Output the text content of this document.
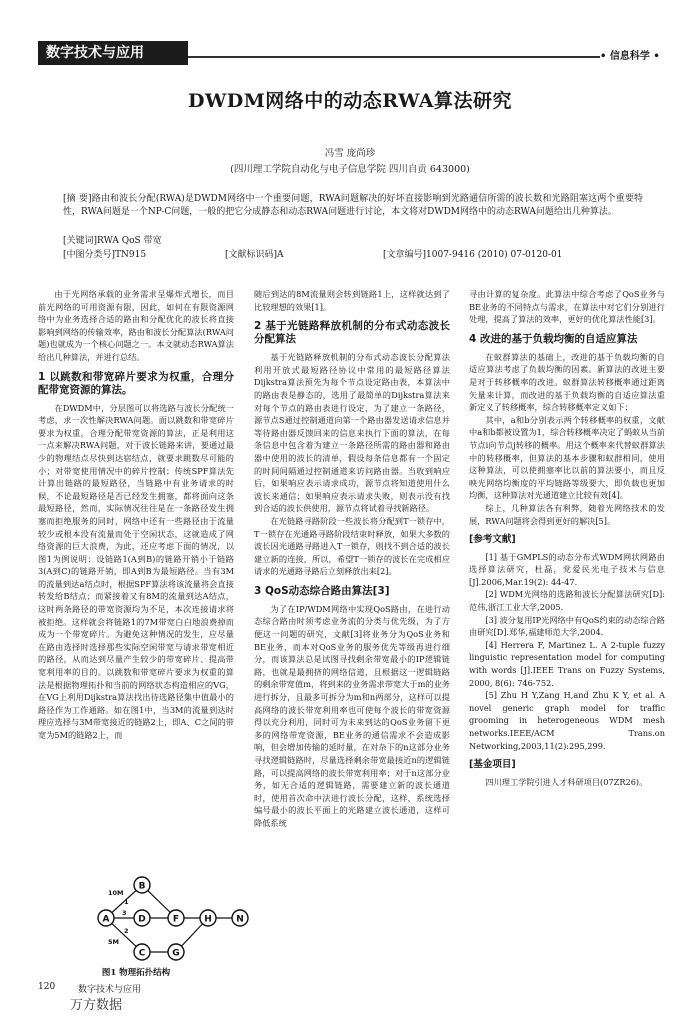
数字技术与应用	• 信息科学 •
DWDM网络中的动态RWA算法研究
冯雪 庞尚珍
(四川理工学院自动化与电子信息学院 四川自贡 643000)
[摘 要]路由和波长分配(RWA)是DWDM网络中一个重要问题，RWA问题解决的好坏直接影响到光路通信所需的波长数和光路阻塞这两个重要特性，RWA问题是一个NP-C问题，一般的把它分成静态和动态RWA问题进行讨论，本文将对DWDM网络中的动态RWA问题给出几种算法。
[关键词]RWA QoS 带宽
[中图分类号]TN915	[文献标识码]A	[文章编号]1007-9416 (2010) 07-0120-01

由于光网络承载的业务需求呈爆炸式增长，而目前光网络的可用资源有限，因此，如何在有限资源网络中为业务选择合适的路由和分配优化的波长将直接影响到网络的传输效率，路由和波长分配算法(RWA问题)也就成为一个核心问题之一。本文就动态RWA算法给出几种算法，并进行总结。

1 以跳数和带宽碎片要求为权重，合理分配带宽资源的算法。

在DWDM中，分层图可以将选路与波长分配统一考虑，求一次性解决RWA问题。面以跳数和带宽碎片要求为权重，合理分配带宽资源的算法，正是利用这一点来解决RWA问题，对于波长链路来讲，要通过最少的物理结点尽快到达宿结点，就要求跳数尽可能的小；对带宽使用情况中的碎片控制；传统SPF算法先计算出链路的最短路径，当链路中有业务请求的时候，不论最短路径是否已经发生拥塞，都将面向这条最短路径，然而，实际情况往往是在一条路径发生拥塞而拒绝服务的同时，网络中还有一些路径由于流量较少或根本没有流量而处于空闲状态，这就造成了网络资源的巨大浪费，为此，还应考虑下面的情况，以图1为例说明：设链路1(A到B)的链路开销小于链路3(A到C)的链路开销，即A到B为最短路径。当有3M的流量到达a结点时，根据SPF算法将该流量将会直接转发给B结点；而紧接着又有8M的流量到达A结点，这时两条路径的带宽资源均为不足，本次连接请求将被拒绝。这样就会将链路1的7M带宽白白地浪费掉而成为一个带宽碎片。为避免这种情况的发生，应尽量在路由选择时选择那些实际空闲带宽与请求带宽相近的路径，从而达到尽量产生较少的带宽碎片、提高带宽利用率的目的。以跳数和带宽碎片要求为权重的算法是根据物理拓扑和当前的网络状态构造相应的VG，在VG上利用Dijkstra算法找出待选路径集中值最小的路径作为工作通路。如在图1中，当3M的流量到达时理应选择与3M带宽接近的链路2上，即A、C之间的带宽为5M的链路2上，而

随后到达的8M流量则会转到链路1上，这样就达到了比较理想的效果[1]。

2 基于光链路释放机制的分布式动态波长分配算法

基于光链路释放机制的分布式动态波长分配算法利用开放式最短路径协议中常用的最短路径算法Dijkstra算法预先为每个节点设定路由表，本算法中的路由表是静态的，选用了最简单的Dijkstra算法来对每个节点的路由表进行设定，为了建立一条路径，源节点S通过控制通道向第一个路由器发送请求信息并等待路由器反馈回来的信息来执行下面的算法，在每条信息中包含着为建立一条路径所需的路由器和路由器中使用的波长的清单，假设每条信息都有一个固定的时间间隔通过控制通道来访问路由器。当收到响应后，如果响应表示请求成功，源节点将知道使用什么波长来通信；如果响应表示请求失败，则表示没有找到合适的波长供使用，源节点将试着寻找新路径。

在光链路寻路阶段一些波长将分配到T一锁存中，T一锁存在光通路寻路阶段结束时释放，如果大多数的波长因光通路寻路进入T一锁存，则找不到合适的波长建立新的连接，所以，希望T一锁存的波长在完成相应请求的光通路寻路后立刻释放出来[2]。

3 QoS动态综合路由算法[3]

为了在IP/WDM网络中实现QoS路由，在进行动态综合路由时须考虑业务流的分类与优先级，为了方便这一问题的研究，文献[3]将业务分为QoS业务和BE业务，而本对QoS业务的服务优先等级再进行细分，而该算法总是试图寻找剩余带宽最小的IP逻辑链路，也就是最拥挤的网络信道，且根据这一逻辑链路的剩余带宽值m，将到来的业务需求带宽大于m的业务进行拆分，且最多可拆分为m和n两部分，这样可以提高网络的波长带宽利用率也可使每个波长的带宽资源得以充分利用，同时可为未来到达的QoS业务留下更多的网络带宽资源，BE业务的通信需求不会造成影响，但会增加传输的延时量，在对杂下的n这部分业务寻找逻辑链路时，尽量选择剩余带宽最接近n的逻辑链路，可以提高网络的波长带宽利用率；对于n这部分业务，如无合适的逻辑链路，需要建立新的波长通道时，使用首次命中法进行波长分配，这样，系统选择编号最小的波长平面上的光路建立波长通道，这样可降低系统

寻由计算的复杂度。此算法中综合考虑了QoS业务与BE业务的不同特点与需求，在算法中对它们分别进行处理，提高了算法的效率，更好的优化算法性能[3]。

4 改进的基于负载均衡的自适应算法

在蚁群算法的基础上，改进的基于负载均衡的自适应算法考虑了负载均衡的因素。新算法的改进主要是对于转移概率的改进。蚁群算法转移概率通过距离矢量来计算，而改进的基于负载均衡的自适应算法重新定义了转移概率，综合转移概率定义如下：

其中，a和b分别表示两个转移概率的权重，文献中a和b都被设置为1，综合转移概率决定了蚂蚁从当前节点i向节点j转移的概率。用这个概率来代替蚁群算法中的转移概率，但算法的基本步骤和蚁群相同，使用这种算法，可以使拥塞率比以前的算法要小，而且反映光网络均衡度的平均链路等级要大，即负载也更加均衡，这种算法对光通道建立比较有效[4]。

综上，几种算法各有利弊，随着光网络技术的发展，RWA问题将会得到更好的解决[5]。

[参考文献]

[1] 基于GMPLS的动态分布式WDM网状网路由选择算法研究，杜磊，党爱民光电子技术与信息[J].2006,Mar.19(2): 44-47.

[2] WDM光网络的选路和波长分配算法研究[D]:范伟,浙江工业大学,2005.

[3] 波分复用IP光网络中有QoS约束的动态综合路由研究[D].郑华,福建师范大学,2004.

[4] Herrera F, Martinez L. A 2-tuple fuzzy linguistic representation model for computing with words [J].IEEE Trans on Fuzzy Systems, 2000, 8(6): 746-752.

[5] Zhu H Y,Zang H,and Zhu K Y, et al. A novel generic graph model for traffic grooming in heterogeneous WDM mesh networks.IEEE/ACM Trans.on Networking,2003,11(2):295,299.

[基金项目]

四川理工学院引进人才科研项目(07ZR26)。

B
A	D	F	H	N
C	G
10M
1
5M
2
3
图1 物理拓扑结构
120	数字技术与应用
万方数据
